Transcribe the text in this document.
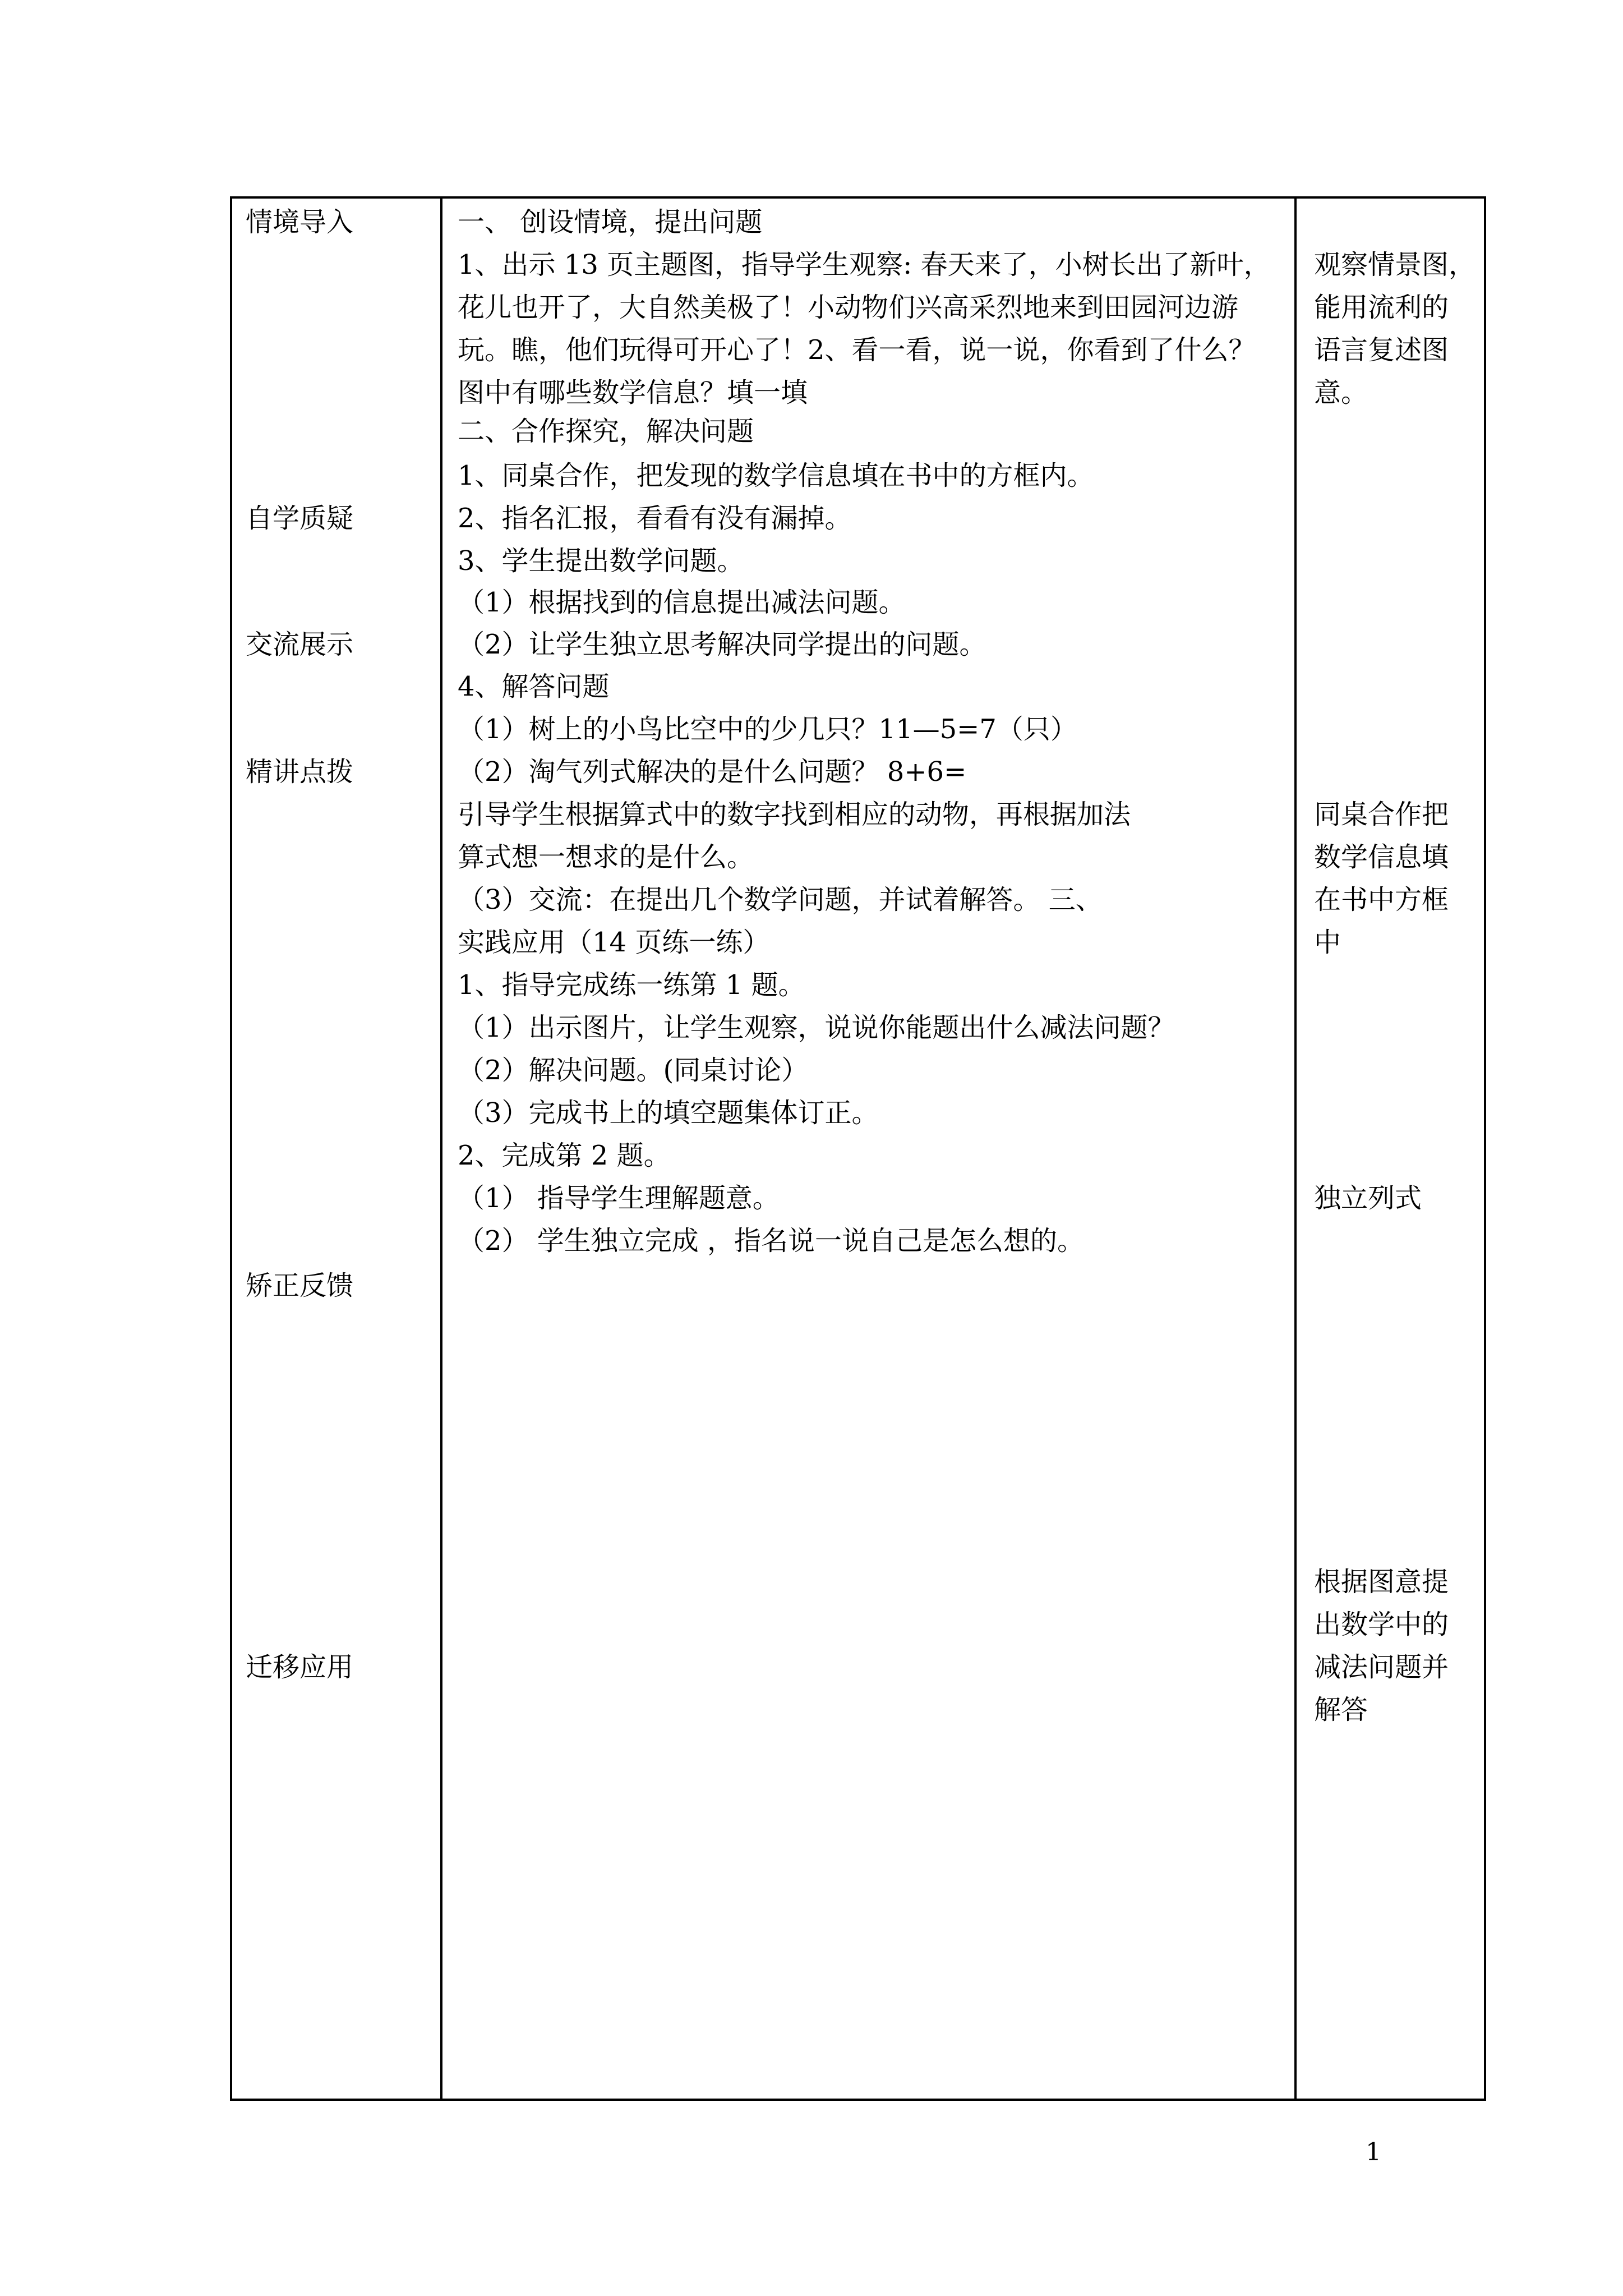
情境导入
自学质疑
交流展示
精讲点拨
矫正反馈
迁移应用
一、 创设情境，提出问题
1、出示 13 页主题图，指导学生观察: 春天来了，小树长出了新叶，
花儿也开了，大自然美极了！小动物们兴高采烈地来到田园河边游
玩。瞧，他们玩得可开心了！2、看一看，说一说，你看到了什么？
图中有哪些数学信息？填一填
二、合作探究，解决问题
1、同桌合作，把发现的数学信息填在书中的方框内。
2、指名汇报，看看有没有漏掉。
3、学生提出数学问题。
（1）根据找到的信息提出减法问题。
（2）让学生独立思考解决同学提出的问题。
4、解答问题
（1）树上的小鸟比空中的少几只？11—5=7（只）
（2）淘气列式解决的是什么问题？ 8+6=
引导学生根据算式中的数字找到相应的动物，再根据加法
算式想一想求的是什么。
（3）交流：在提出几个数学问题，并试着解答。 三、
实践应用（14 页练一练）
1、指导完成练一练第 1 题。
（1）出示图片，让学生观察，说说你能题出什么减法问题？
（2）解决问题。(同桌讨论）
（3）完成书上的填空题集体订正。
2、完成第 2 题。
（1） 指导学生理解题意。
（2） 学生独立完成 ，指名说一说自己是怎么想的。
观察情景图，
能用流利的
语言复述图
意。
同桌合作把
数学信息填
在书中方框
中
独立列式
根据图意提
出数学中的
减法问题并
解答
1
